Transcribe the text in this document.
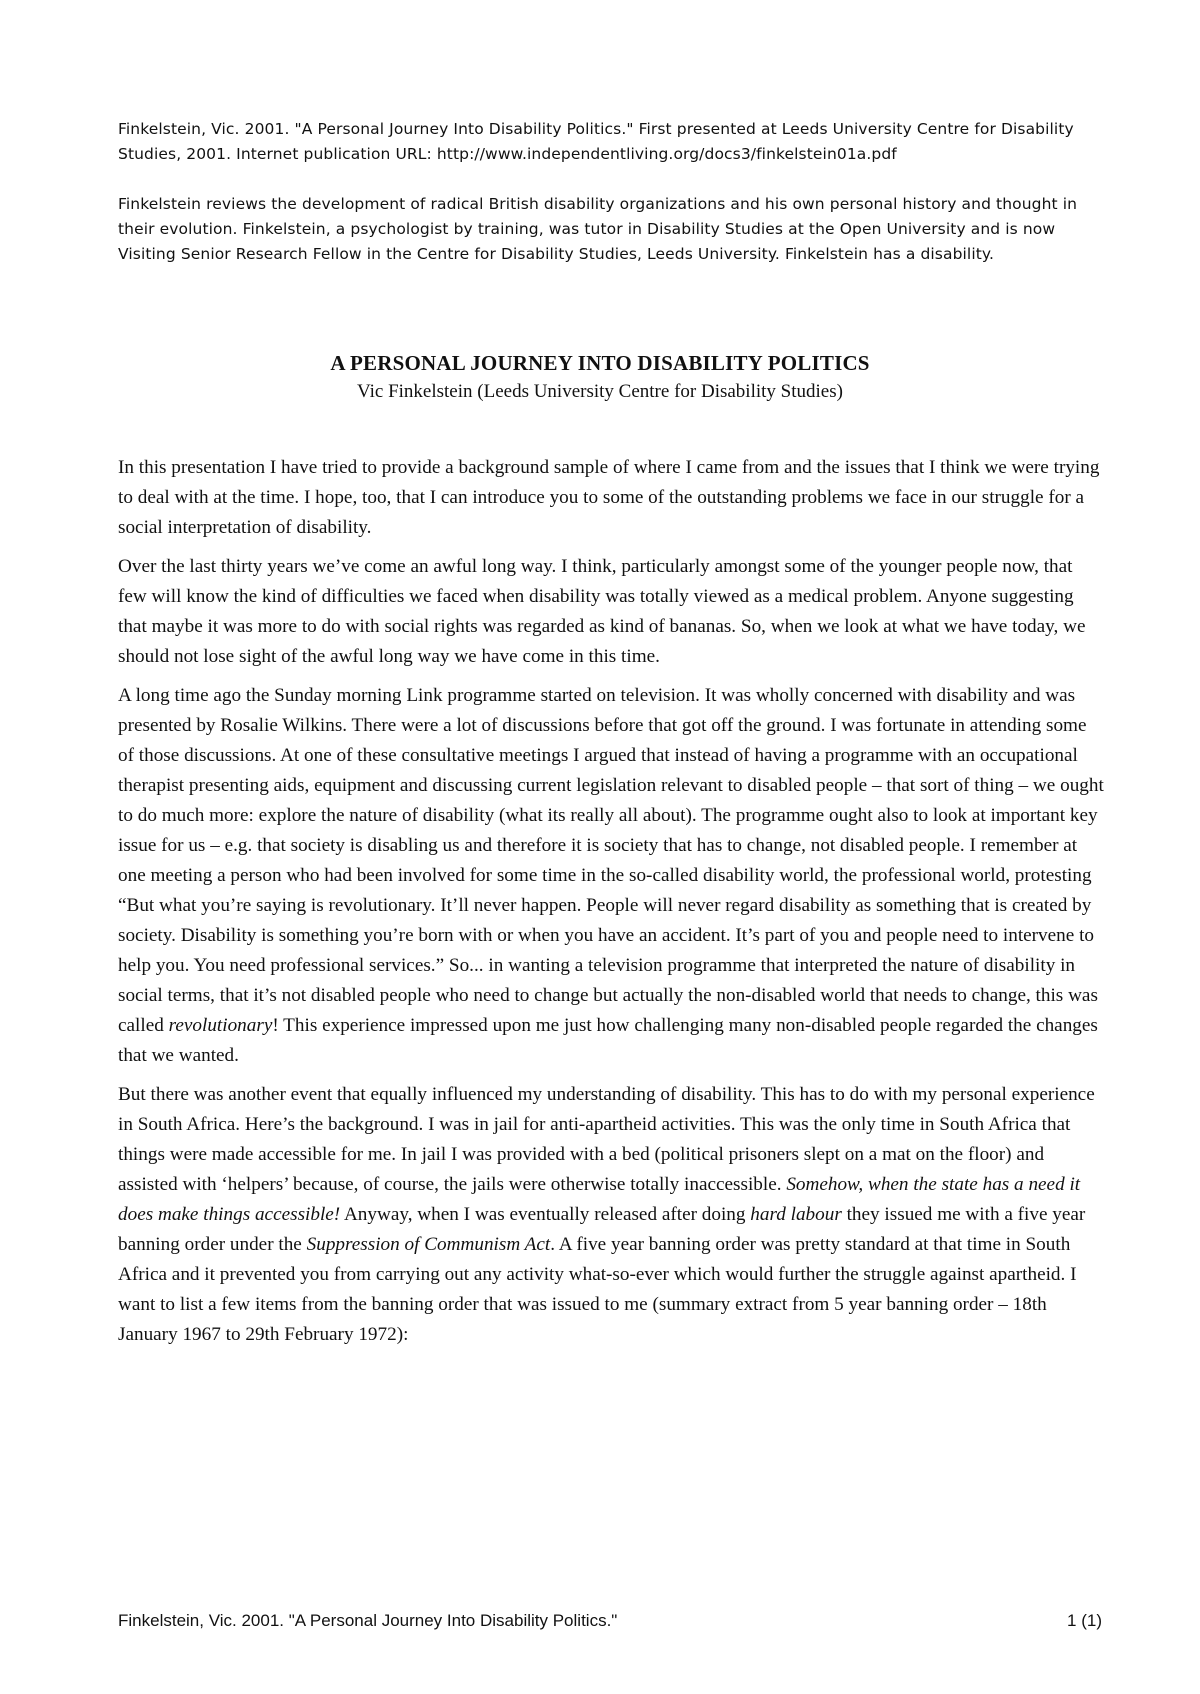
Finkelstein, Vic. 2001. "A Personal Journey Into Disability Politics." First presented at Leeds University Centre for Disability Studies, 2001. Internet publication URL: http://www.independentliving.org/docs3/finkelstein01a.pdf

Finkelstein reviews the development of radical British disability organizations and his own personal history and thought in their evolution. Finkelstein, a psychologist by training, was tutor in Disability Studies at the Open University and is now Visiting Senior Research Fellow in the Centre for Disability Studies, Leeds University. Finkelstein has a disability.

A PERSONAL JOURNEY INTO DISABILITY POLITICS

Vic Finkelstein (Leeds University Centre for Disability Studies)

In this presentation I have tried to provide a background sample of where I came from and the issues that I think we were trying to deal with at the time. I hope, too, that I can introduce you to some of the outstanding problems we face in our struggle for a social interpretation of disability.

Over the last thirty years we’ve come an awful long way. I think, particularly amongst some of the younger people now, that few will know the kind of difficulties we faced when disability was totally viewed as a medical problem. Anyone suggesting that maybe it was more to do with social rights was regarded as kind of bananas. So, when we look at what we have today, we should not lose sight of the awful long way we have come in this time.

A long time ago the Sunday morning Link programme started on television. It was wholly concerned with disability and was presented by Rosalie Wilkins. There were a lot of discussions before that got off the ground. I was fortunate in attending some of those discussions. At one of these consultative meetings I argued that instead of having a programme with an occupational therapist presenting aids, equipment and discussing current legislation relevant to disabled people – that sort of thing – we ought to do much more: explore the nature of disability (what its really all about). The programme ought also to look at important key issue for us – e.g. that society is disabling us and therefore it is society that has to change, not disabled people. I remember at one meeting a person who had been involved for some time in the so-called disability world, the professional world, protesting “But what you’re saying is revolutionary. It’ll never happen. People will never regard disability as something that is created by society. Disability is something you’re born with or when you have an accident. It’s part of you and people need to intervene to help you. You need professional services.” So... in wanting a television programme that interpreted the nature of disability in social terms, that it’s not disabled people who need to change but actually the non-disabled world that needs to change, this was called revolutionary! This experience impressed upon me just how challenging many non-disabled people regarded the changes that we wanted.

But there was another event that equally influenced my understanding of disability. This has to do with my personal experience in South Africa. Here’s the background. I was in jail for anti-apartheid activities. This was the only time in South Africa that things were made accessible for me. In jail I was provided with a bed (political prisoners slept on a mat on the floor) and assisted with ‘helpers’ because, of course, the jails were otherwise totally inaccessible. Somehow, when the state has a need it does make things accessible! Anyway, when I was eventually released after doing hard labour they issued me with a five year banning order under the Suppression of Communism Act. A five year banning order was pretty standard at that time in South Africa and it prevented you from carrying out any activity what-so-ever which would further the struggle against apartheid. I want to list a few items from the banning order that was issued to me (summary extract from 5 year banning order – 18th January 1967 to 29th February 1972):

Finkelstein, Vic. 2001. "A Personal Journey Into Disability Politics."	1 (1)
